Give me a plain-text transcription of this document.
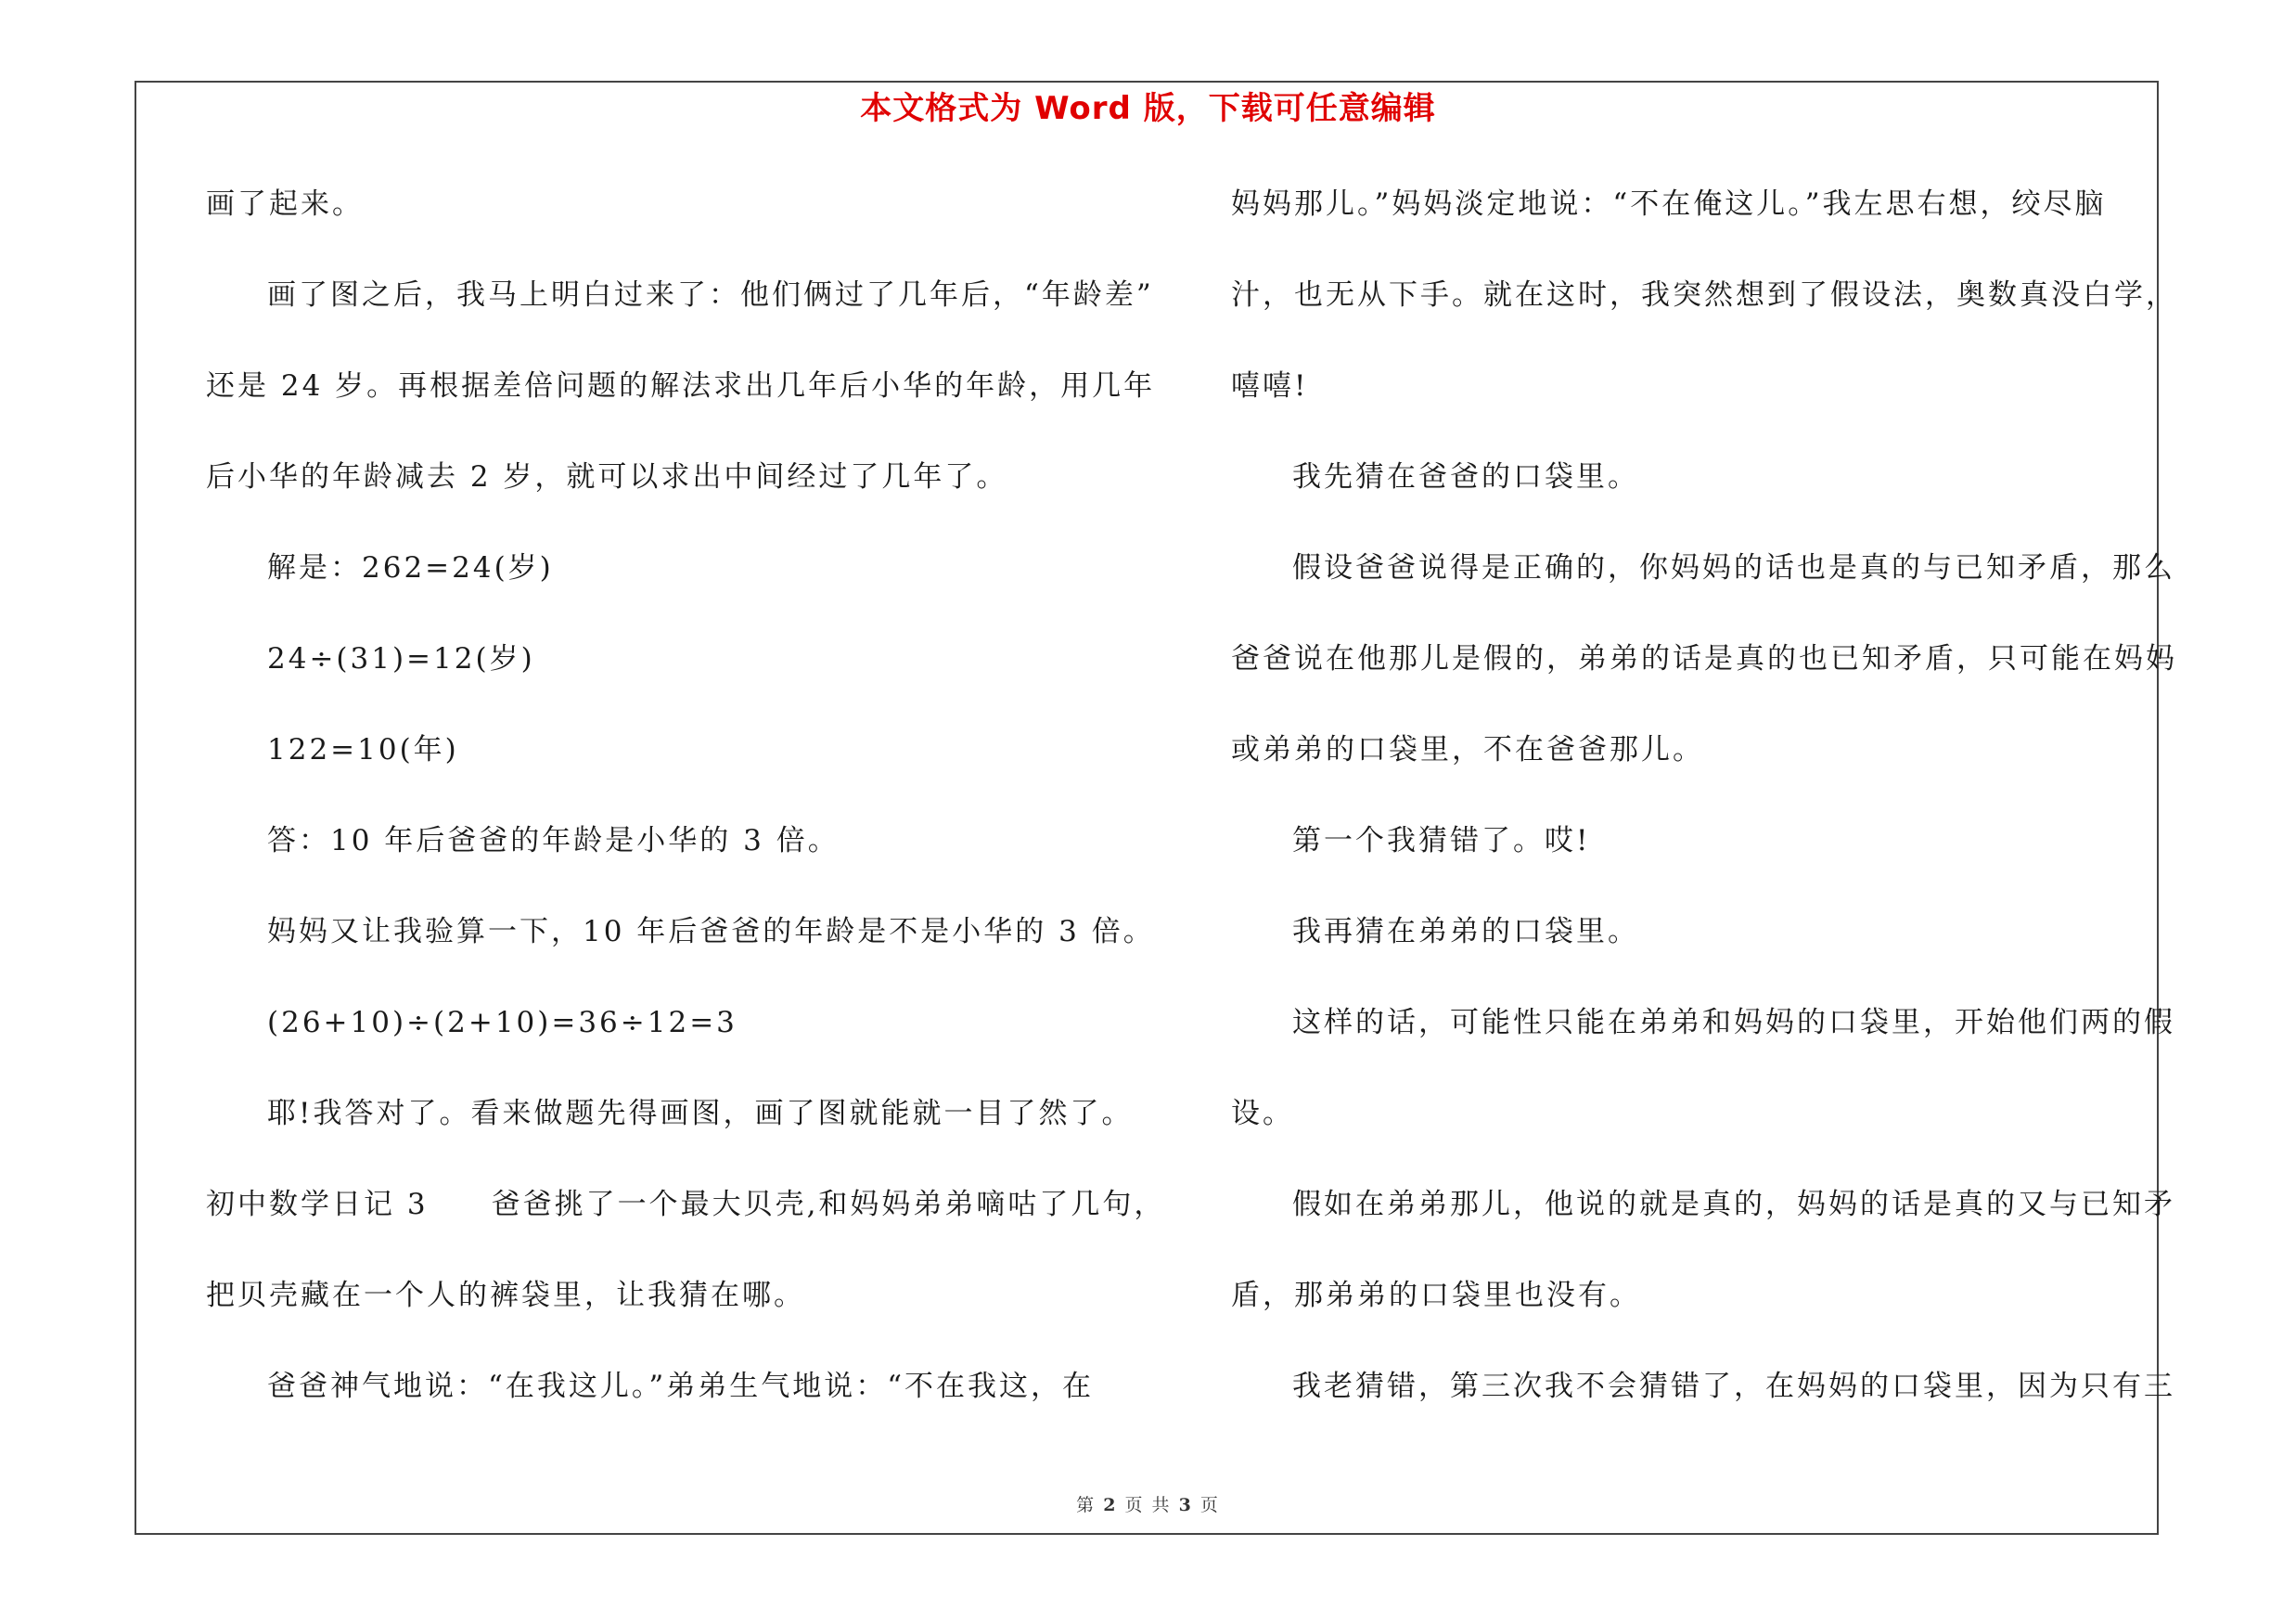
本文格式为 Word 版，下载可任意编辑
画了起来。
画了图之后，我马上明白过来了：他们俩过了几年后，“年龄差”
还是 24 岁。再根据差倍问题的解法求出几年后小华的年龄，用几年
后小华的年龄减去 2 岁，就可以求出中间经过了几年了。
解是：262=24(岁)
24÷(31)=12(岁)
122=10(年)
答：10 年后爸爸的年龄是小华的 3 倍。
妈妈又让我验算一下，10 年后爸爸的年龄是不是小华的 3 倍。
(26+10)÷(2+10)=36÷12=3
耶!我答对了。看来做题先得画图，画了图就能就一目了然了。
初中数学日记 3　　爸爸挑了一个最大贝壳,和妈妈弟弟嘀咕了几句，
把贝壳藏在一个人的裤袋里，让我猜在哪。
爸爸神气地说：“在我这儿。”弟弟生气地说：“不在我这，在
妈妈那儿。”妈妈淡定地说：“不在俺这儿。”我左思右想，绞尽脑
汁，也无从下手。就在这时，我突然想到了假设法，奥数真没白学，
嘻嘻!
我先猜在爸爸的口袋里。
假设爸爸说得是正确的，你妈妈的话也是真的与已知矛盾，那么
爸爸说在他那儿是假的，弟弟的话是真的也已知矛盾，只可能在妈妈
或弟弟的口袋里，不在爸爸那儿。
第一个我猜错了。哎!
我再猜在弟弟的口袋里。
这样的话，可能性只能在弟弟和妈妈的口袋里，开始他们两的假
设。
假如在弟弟那儿，他说的就是真的，妈妈的话是真的又与已知矛
盾，那弟弟的口袋里也没有。
我老猜错，第三次我不会猜错了，在妈妈的口袋里，因为只有三
第 2 页 共 3 页
